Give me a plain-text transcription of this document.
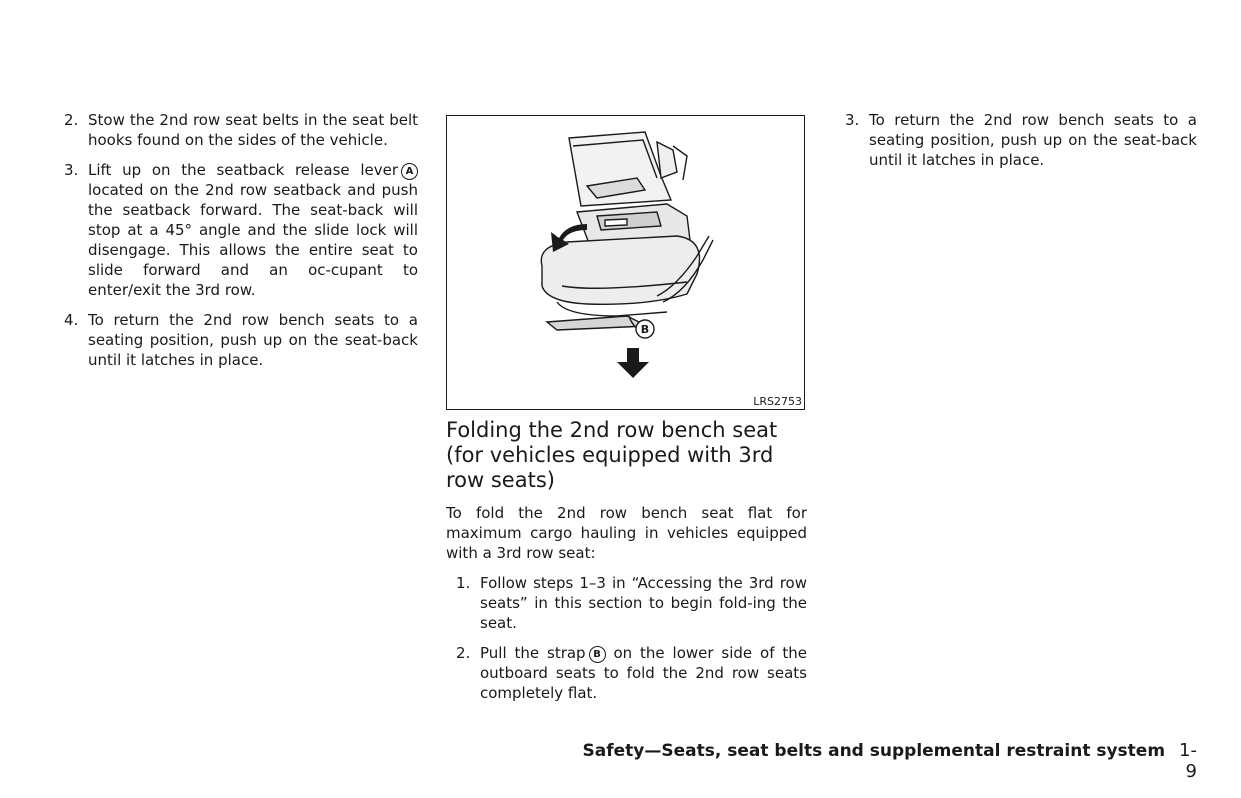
2. Stow the 2nd row seat belts in the seat belt hooks found on the sides of the vehicle.
3. Lift up on the seatback release lever A located on the 2nd row seatback and push the seatback forward. The seat-back will stop at a 45° angle and the slide lock will disengage. This allows the entire seat to slide forward and an oc-cupant to enter/exit the 3rd row.
4. To return the 2nd row bench seats to a seating position, push up on the seat-back until it latches in place.
B
LRS2753
Folding the 2nd row bench seat (for vehicles equipped with 3rd row seats)
To fold the 2nd row bench seat flat for maximum cargo hauling in vehicles equipped with a 3rd row seat:
1. Follow steps 1–3 in “Accessing the 3rd row seats” in this section to begin fold-ing the seat.
2. Pull the strap B on the lower side of the outboard seats to fold the 2nd row seats completely flat.
3. To return the 2nd row bench seats to a seating position, push up on the seat-back until it latches in place.
Safety—Seats, seat belts and supplemental restraint system 1-9
